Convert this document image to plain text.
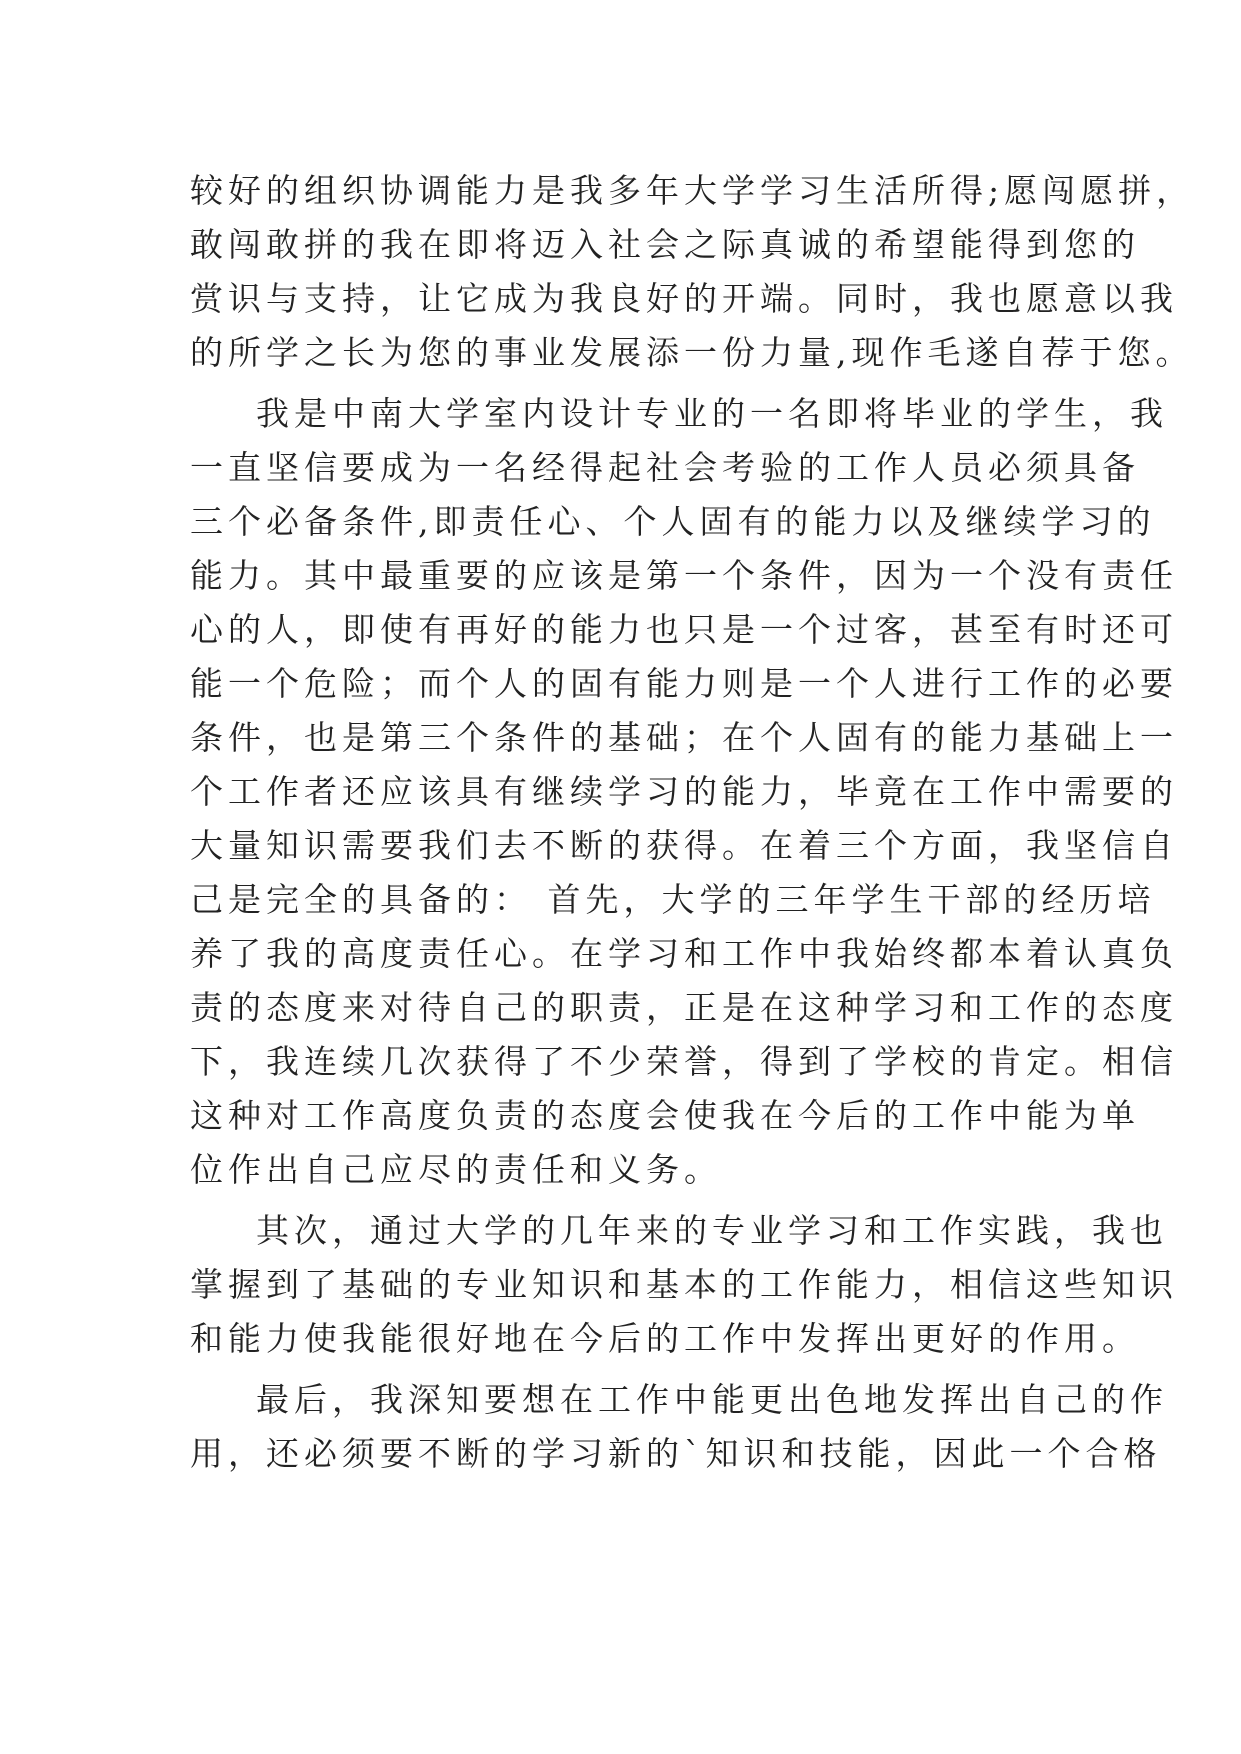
较好的组织协调能力是我多年大学学习生活所得;愿闯愿拼，
敢闯敢拼的我在即将迈入社会之际真诚的希望能得到您的
赏识与支持，让它成为我良好的开端。同时，我也愿意以我
的所学之长为您的事业发展添一份力量,现作毛遂自荐于您。
我是中南大学室内设计专业的一名即将毕业的学生，我
一直坚信要成为一名经得起社会考验的工作人员必须具备
三个必备条件,即责任心、个人固有的能力以及继续学习的
能力。其中最重要的应该是第一个条件，因为一个没有责任
心的人，即使有再好的能力也只是一个过客，甚至有时还可
能一个危险；而个人的固有能力则是一个人进行工作的必要
条件，也是第三个条件的基础；在个人固有的能力基础上一
个工作者还应该具有继续学习的能力，毕竟在工作中需要的
大量知识需要我们去不断的获得。在着三个方面，我坚信自
己是完全的具备的： 首先，大学的三年学生干部的经历培
养了我的高度责任心。在学习和工作中我始终都本着认真负
责的态度来对待自己的职责，正是在这种学习和工作的态度
下，我连续几次获得了不少荣誉，得到了学校的肯定。相信
这种对工作高度负责的态度会使我在今后的工作中能为单
位作出自己应尽的责任和义务。
其次，通过大学的几年来的专业学习和工作实践，我也
掌握到了基础的专业知识和基本的工作能力，相信这些知识
和能力使我能很好地在今后的工作中发挥出更好的作用。
最后，我深知要想在工作中能更出色地发挥出自己的作
用，还必须要不断的学习新的`知识和技能，因此一个合格
